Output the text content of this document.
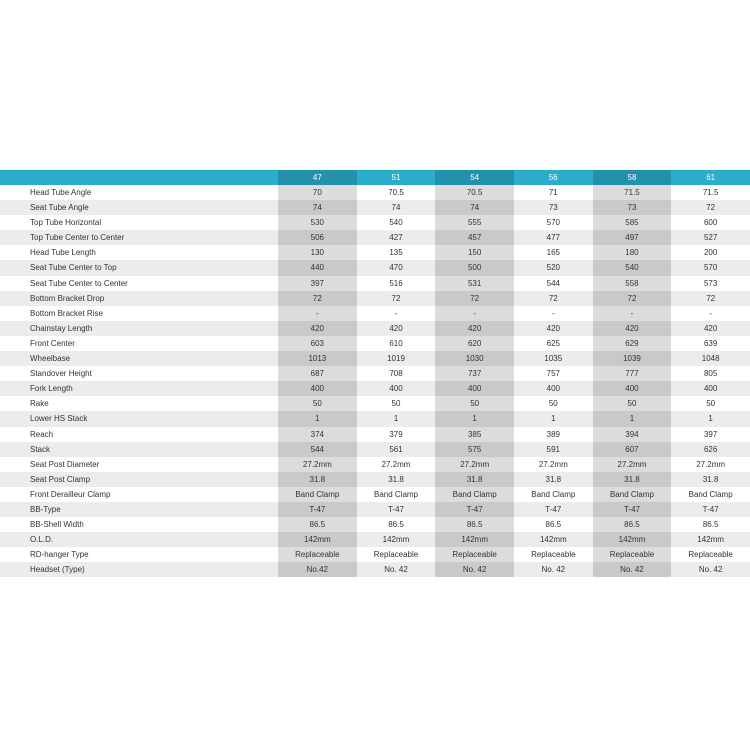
	47	51	54	56	58	61
Head Tube Angle	70	70.5	70.5	71	71.5	71.5
Seat Tube Angle	74	74	74	73	73	72
Top Tube Horizontal	530	540	555	570	585	600
Top Tube Center to Center	506	427	457	477	497	527
Head Tube Length	130	135	150	165	180	200
Seat Tube Center to Top	440	470	500	520	540	570
Seat Tube Center to Center	397	516	531	544	558	573
Bottom Bracket Drop	72	72	72	72	72	72
Bottom Bracket Rise	-	-	-	-	-	-
Chainstay Length	420	420	420	420	420	420
Front Center	603	610	620	625	629	639
Wheelbase	1013	1019	1030	1035	1039	1048
Standover Height	687	708	737	757	777	805
Fork Length	400	400	400	400	400	400
Rake	50	50	50	50	50	50
Lower HS Stack	1	1	1	1	1	1
Reach	374	379	385	389	394	397
Stack	544	561	575	591	607	626
Seat Post Diameter	27.2mm	27.2mm	27.2mm	27.2mm	27.2mm	27.2mm
Seat Post Clamp	31.8	31.8	31.8	31.8	31.8	31.8
Front Derailleur Clamp	Band Clamp	Band Clamp	Band Clamp	Band Clamp	Band Clamp	Band Clamp
BB-Type	T-47	T-47	T-47	T-47	T-47	T-47
BB-Shell Width	86.5	86.5	86.5	86.5	86.5	86.5
O.L.D.	142mm	142mm	142mm	142mm	142mm	142mm
RD-hanger Type	Replaceable	Replaceable	Replaceable	Replaceable	Replaceable	Replaceable
Headset (Type)	No.42	No. 42	No. 42	No. 42	No. 42	No. 42
